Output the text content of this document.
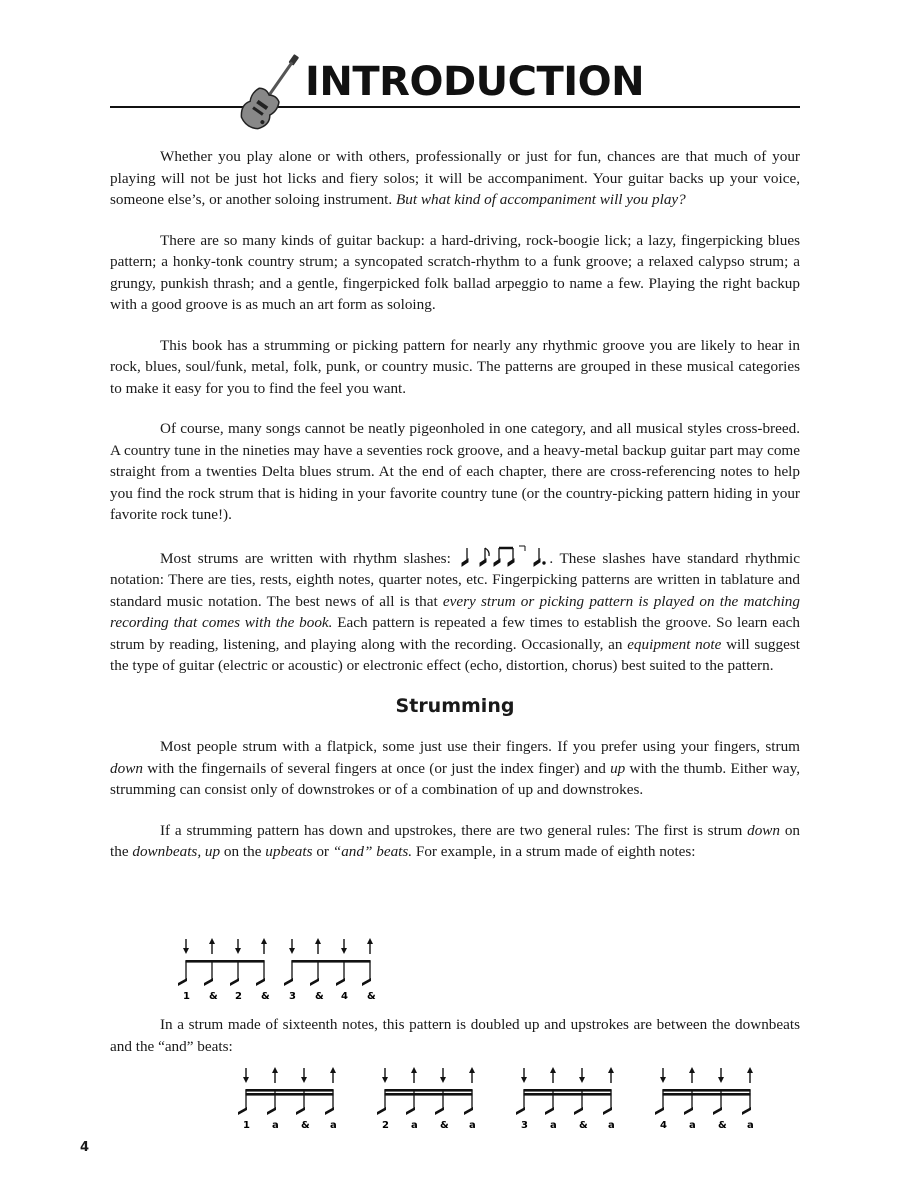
INTRODUCTION

Whether you play alone or with others, professionally or just for fun, chances are that much of your playing will not be just hot licks and fiery solos; it will be accompaniment. Your guitar backs up your voice, someone else’s, or another soloing instrument. But what kind of accompaniment will you play?

There are so many kinds of guitar backup: a hard-driving, rock-boogie lick; a lazy, fingerpicking blues pattern; a honky-tonk country strum; a syncopated scratch-rhythm to a funk groove; a relaxed calypso strum; a grungy, punkish thrash; and a gentle, fingerpicked folk ballad arpeggio to name a few. Playing the right backup with a good groove is as much an art form as soloing.

This book has a strumming or picking pattern for nearly any rhythmic groove you are likely to hear in rock, blues, soul/funk, metal, folk, punk, or country music. The patterns are grouped in these musical categories to make it easy for you to find the feel you want.

Of course, many songs cannot be neatly pigeonholed in one category, and all musical styles cross-breed. A country tune in the nineties may have a seventies rock groove, and a heavy-metal backup guitar part may come straight from a twenties Delta blues strum. At the end of each chapter, there are cross-referencing notes to help you find the rock strum that is hiding in your favorite country tune (or the country-picking pattern hiding in your favorite rock tune!).

Most strums are written with rhythm slashes:	. These slashes have standard rhythmic notation: There are ties, rests, eighth notes, quarter notes, etc. Fingerpicking patterns are written in tablature and standard music notation. The best news of all is that every strum or picking pattern is played on the matching recording that comes with the book. Each pattern is repeated a few times to establish the groove. So learn each strum by reading, listening, and playing along with the recording. Occasionally, an equipment note will suggest the type of guitar (electric or acoustic) or electronic effect (echo, distortion, chorus) best suited to the pattern.

Strumming

Most people strum with a flatpick, some just use their fingers. If you prefer using your fingers, strum down with the fingernails of several fingers at once (or just the index finger) and up with the thumb. Either way, strumming can consist only of downstrokes or of a combination of up and downstrokes.

If a strumming pattern has down and upstrokes, there are two general rules: The first is strum down on the downbeats, up on the upbeats or “and” beats. For example, in a strum made of eighth notes:

In a strum made of sixteenth notes, this pattern is doubled up and upstrokes are between the downbeats and the “and” beats:

1 & 2 & 3 & 4 &
1 a & a	2 a & a	3 a & a	4 a & a
4
